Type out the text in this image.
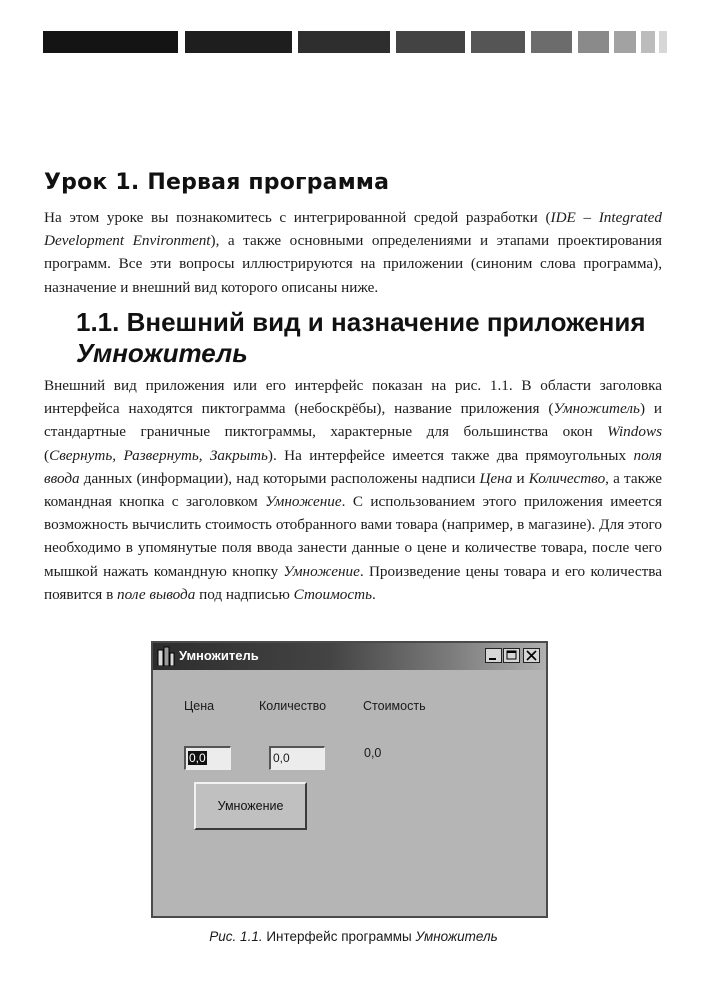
Урок 1. Первая программа

На этом уроке вы познакомитесь с интегрированной средой разработки (IDE – Integrated Development Environment), а также основными определениями и этапами проектирования программ. Все эти вопросы иллюстрируются на приложении (синоним слова программа), назначение и внешний вид которого описаны ниже.

1.1. Внешний вид и назначение приложения
Умножитель

Внешний вид приложения или его интерфейс показан на рис. 1.1. В области заголовка интерфейса находятся пиктограмма (небоскрёбы), название приложения (Умножитель) и стандартные граничные пиктограммы, характерные для большинства окон Windows (Свернуть, Развернуть, Закрыть). На интерфейсе имеется также два прямоугольных поля ввода данных (информации), над которыми расположены надписи Цена и Количество, а также командная кнопка с заголовком Умножение. С использованием этого приложения имеется возможность вычислить стоимость отобранного вами товара (например, в магазине). Для этого необходимо в упомянутые поля ввода занести данные о цене и количестве товара, после чего мышкой нажать командную кнопку Умножение. Произведение цены товара и его количества появится в поле вывода под надписью Стоимость.

Умножитель
Цена	Количество	Стоимость
0,0	0,0	0,0
Умножение
Рис. 1.1. Интерфейс программы Умножитель
